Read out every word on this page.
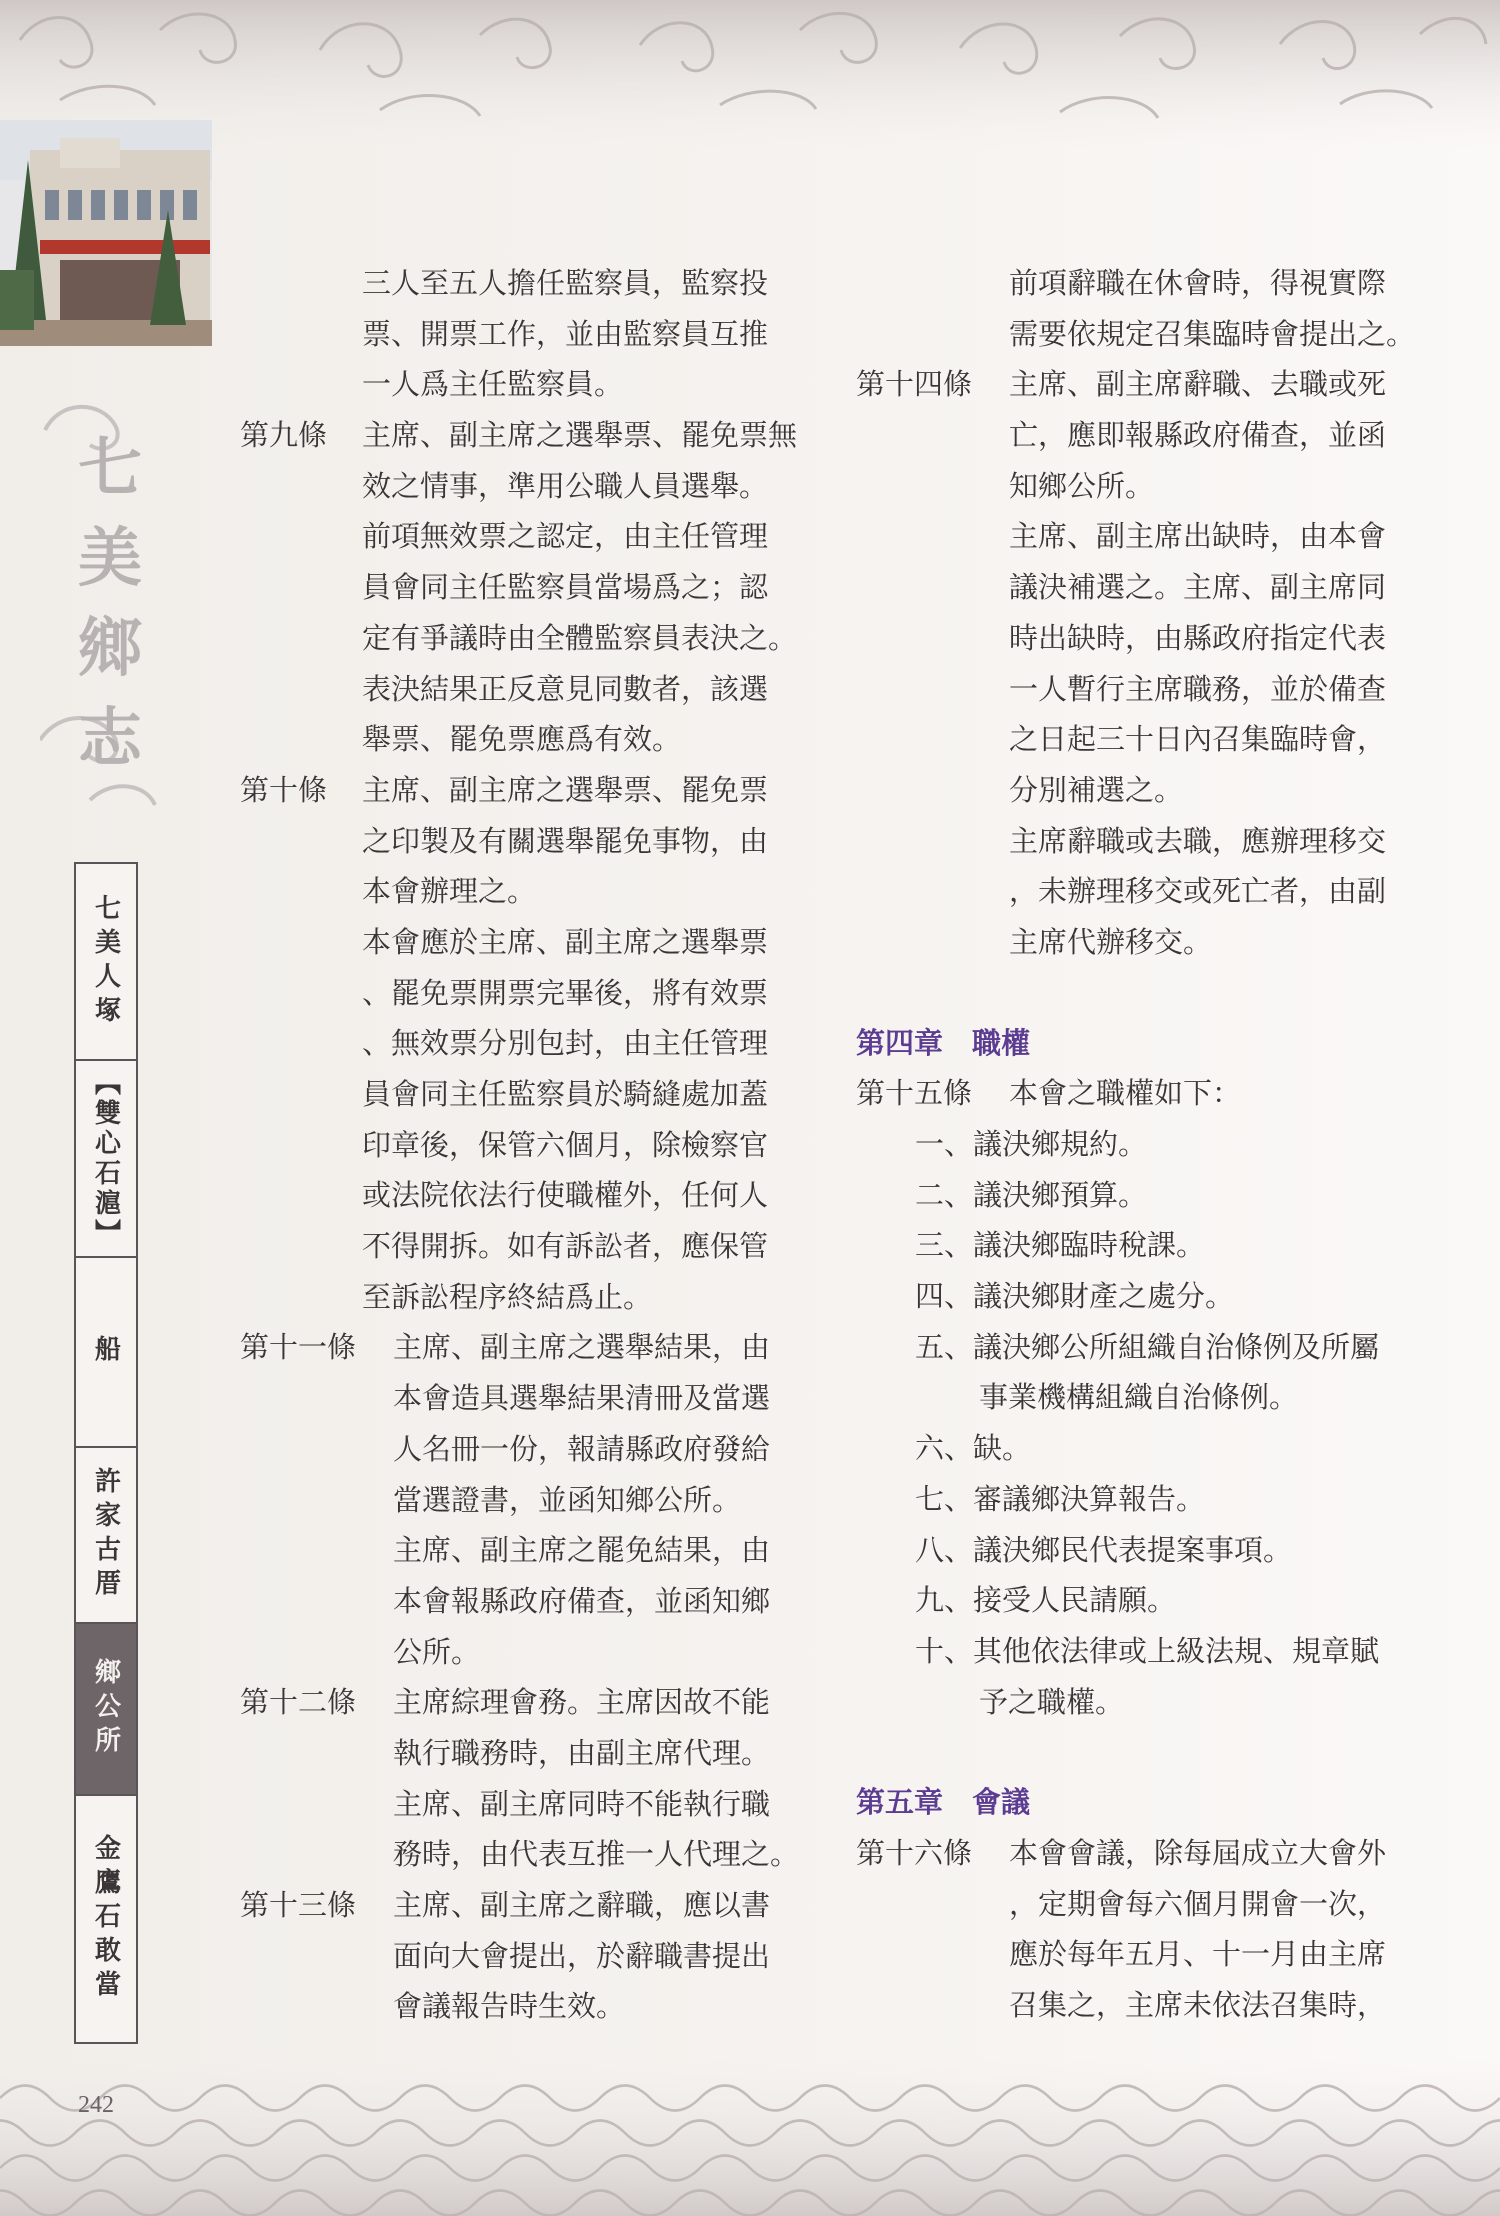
七美鄉志
七美人塚
【雙心石滬】
船
許家古厝
鄉公所
金鷹石敢當
三人至五人擔任監察員，監察投
票、開票工作，並由監察員互推
一人爲主任監察員。
第九條 主席、副主席之選舉票、罷免票無
效之情事，準用公職人員選舉。
前項無效票之認定，由主任管理
員會同主任監察員當場爲之；認
定有爭議時由全體監察員表決之。
表決結果正反意見同數者，該選
舉票、罷免票應爲有效。
第十條 主席、副主席之選舉票、罷免票
之印製及有關選舉罷免事物，由
本會辦理之。
本會應於主席、副主席之選舉票
、罷免票開票完畢後，將有效票
、無效票分別包封，由主任管理
員會同主任監察員於騎縫處加蓋
印章後，保管六個月，除檢察官
或法院依法行使職權外，任何人
不得開拆。如有訴訟者，應保管
至訴訟程序終結爲止。
第十一條 主席、副主席之選舉結果，由
本會造具選舉結果清冊及當選
人名冊一份，報請縣政府發給
當選證書，並函知鄉公所。
主席、副主席之罷免結果，由
本會報縣政府備查，並函知鄉
公所。
第十二條 主席綜理會務。主席因故不能
執行職務時，由副主席代理。
主席、副主席同時不能執行職
務時，由代表互推一人代理之。
第十三條 主席、副主席之辭職，應以書
面向大會提出，於辭職書提出
會議報告時生效。
前項辭職在休會時，得視實際
需要依規定召集臨時會提出之。
第十四條 主席、副主席辭職、去職或死
亡，應即報縣政府備查，並函
知鄉公所。
主席、副主席出缺時，由本會
議決補選之。主席、副主席同
時出缺時，由縣政府指定代表
一人暫行主席職務，並於備查
之日起三十日內召集臨時會，
分別補選之。
主席辭職或去職，應辦理移交
，未辦理移交或死亡者，由副
主席代辦移交。
第四章　職權
第十五條 本會之職權如下：
一、議決鄉規約。
二、議決鄉預算。
三、議決鄉臨時稅課。
四、議決鄉財產之處分。
五、議決鄉公所組織自治條例及所屬
事業機構組織自治條例。
六、缺。
七、審議鄉決算報告。
八、議決鄉民代表提案事項。
九、接受人民請願。
十、其他依法律或上級法規、規章賦
予之職權。
第五章　會議
第十六條 本會會議，除每屆成立大會外
，定期會每六個月開會一次，
應於每年五月、十一月由主席
召集之，主席未依法召集時，
242
